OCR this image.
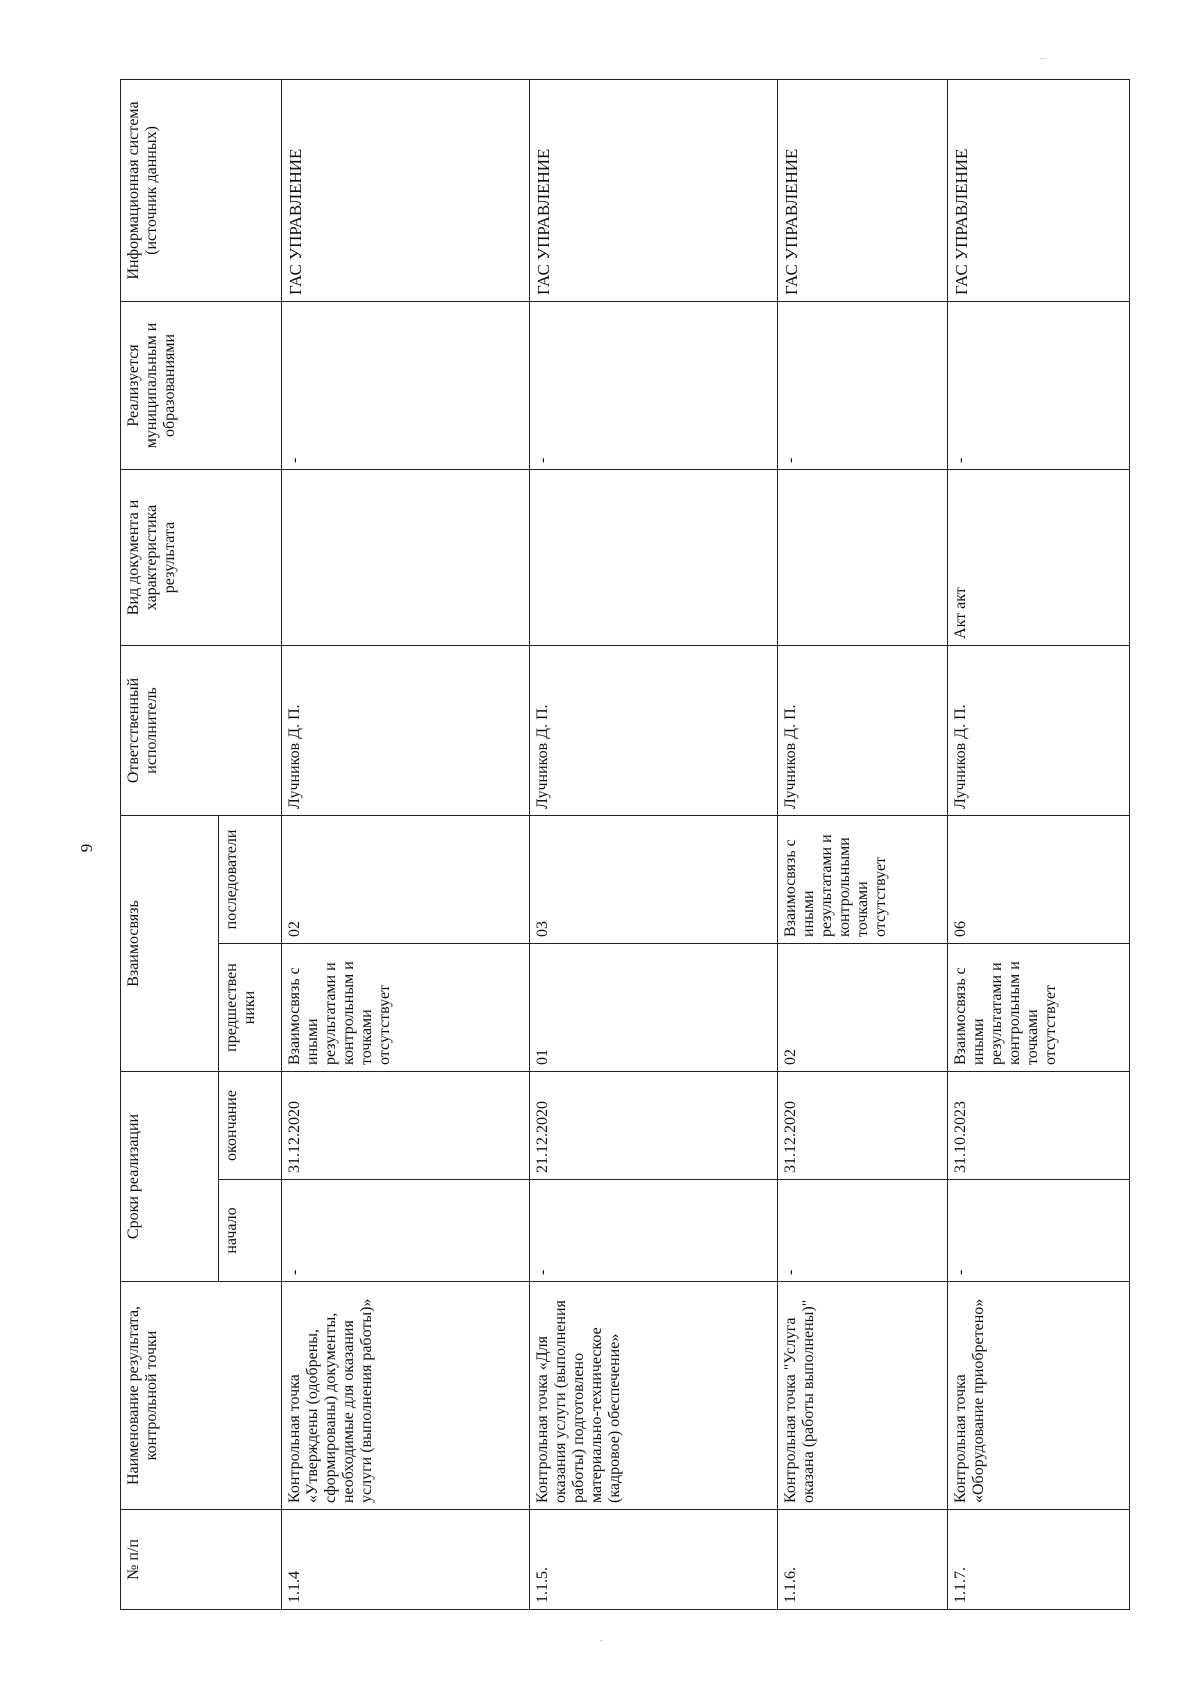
9
№ п/п	Наименование результата, контрольной точки	Сроки реализации		Взаимосвязь		Ответственный исполнитель	Вид документа и характеристика результата	Реализуется муниципальным и образованиями	Информационная система (источник данных)
		начало	окончание	предшествен ники	последователи				
1.1.4	Контрольная точка «Утверждены (одобрены, сформированы) документы, необходимые для оказания услуги (выполнения работы)»	-	31.12.2020	Взаимосвязь с иными результатами и контрольным и точками отсутствует	02	Лучников Д. П.		-	ГАС УПРАВЛЕНИЕ
1.1.5.	Контрольная точка «Для оказания услуги (выполнения работы) подготовлено материально-техническое (кадровое) обеспечение»	-	21.12.2020	01	03	Лучников Д. П.		-	ГАС УПРАВЛЕНИЕ
1.1.6.	Контрольная точка "Услуга оказана (работы выполнены)"	-	31.12.2020	02	Взаимосвязь с иными результатами и контрольными точками отсутствует	Лучников Д. П.		-	ГАС УПРАВЛЕНИЕ
1.1.7.	Контрольная точка «Оборудование приобретено»	-	31.10.2023	Взаимосвязь с иными результатами и контрольным и точками отсутствует	06	Лучников Д. П.	Акт акт	-	ГАС УПРАВЛЕНИЕ
